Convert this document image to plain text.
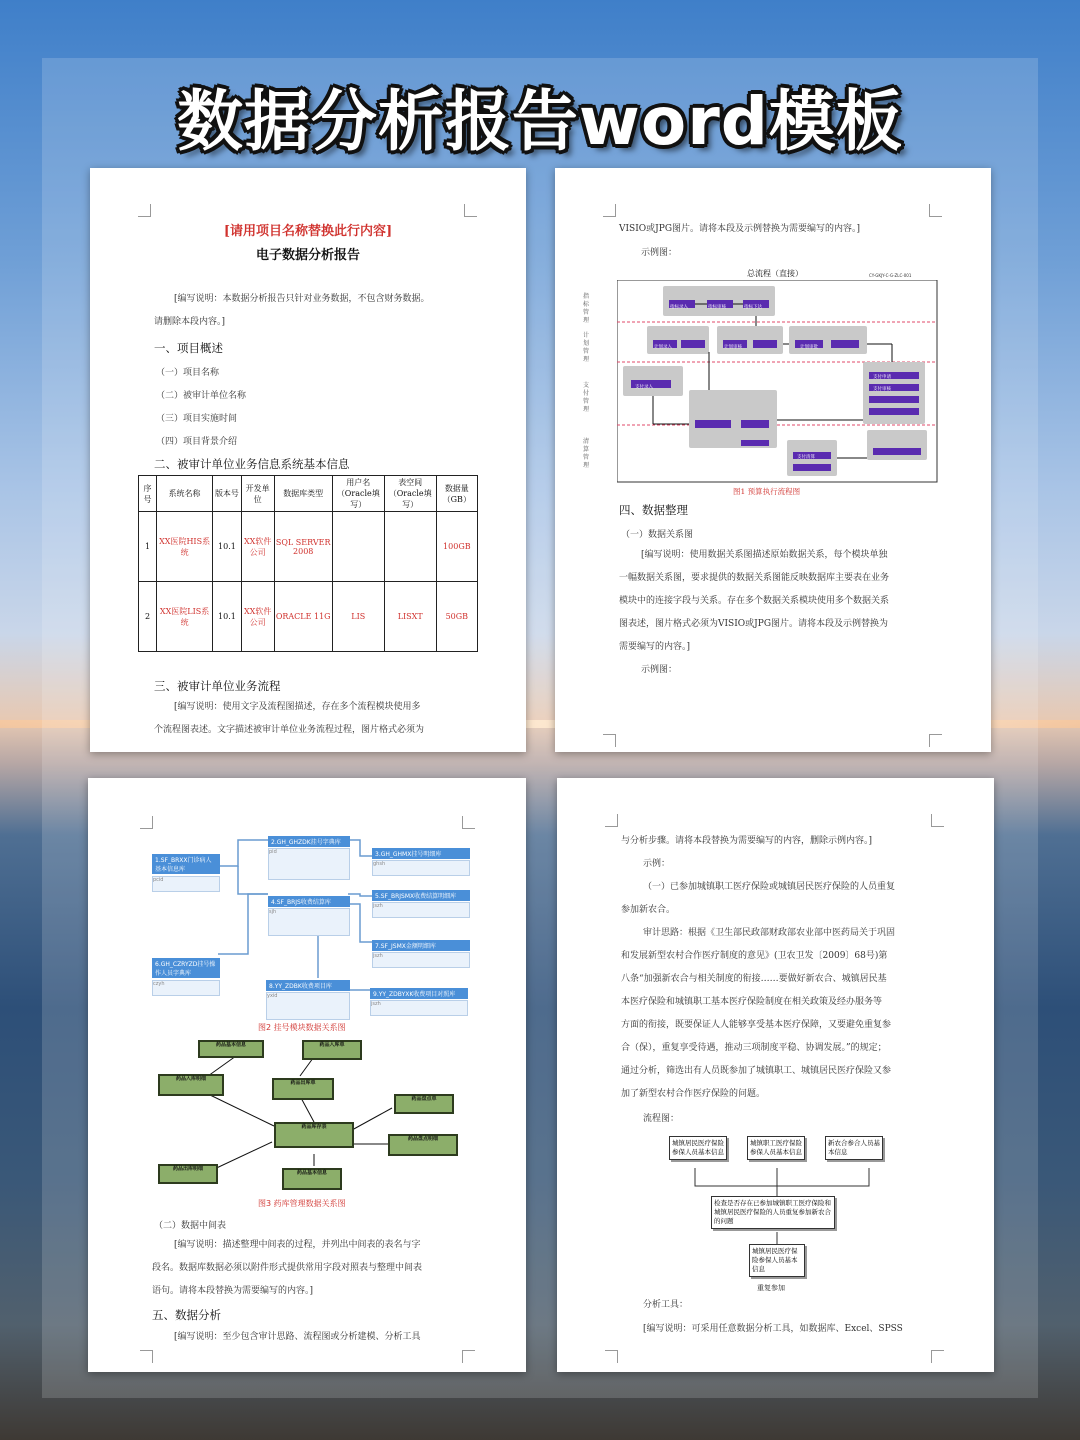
数据分析报告word模板
[请用项目名称替换此行内容]
电子数据分析报告
[编写说明：本数据分析报告只针对业务数据，不包含财务数据。
请删除本段内容。]
一、项目概述
（一）项目名称
（二）被审计单位名称
（三）项目实施时间
（四）项目背景介绍
二、被审计单位业务信息系统基本信息
序号	系统名称	版本号	开发单位	数据库类型	用户名（Oracle填写）	表空间（Oracle填写）	数据量（GB）
1	XX医院HIS系统	10.1	XX软件公司	SQL SERVER 2008			100GB
2	XX医院LIS系统	10.1	XX软件公司	ORACLE 11G	LIS	LISXT	50GB
三、被审计单位业务流程
[编写说明：使用文字及流程图描述，存在多个流程模块使用多
个流程图表述。文字描述被审计单位业务流程过程，图片格式必须为
VISIO或JPG图片。请将本段及示例替换为需要编写的内容。]
示例图：
总流程（直接）	CY-GKJY-C-G-ZLC-001
指标管理
计划管理
支付管理
清算管理
指标录入	指标审核	指标下达
计划录入	计划审核	计划审批
支付录入
支付申请
支付审核
支付清算
图1 预算执行流程图
四、数据整理
（一）数据关系图
[编写说明：使用数据关系图描述原始数据关系，每个模块单独
一幅数据关系图，要求提供的数据关系图能反映数据库主要表在业务
模块中的连接字段与关系。存在多个数据关系模块使用多个数据关系
图表述，图片格式必须为VISIO或JPG图片。请将本段及示例替换为
需要编写的内容。]
示例图：
2.GH_GHZDK挂号字典库
pid
1.SF_BRXX门诊病人基本信息库
pcid
3.GH_GHMX挂号明细库
ghsh
4.SF_BRJS收费结算库
sjh
5.SF_BRJSMX收费结算明细库
jszh
6.GH_CZRYZD挂号操作人员字典库
czyh
7.SF_JSMX金额明细库
jszh
8.YY_ZDBK收费项目库
yxid	9.YY_ZDBYXK收费项目对照库
jszh
图2 挂号模块数据关系图
药品基本信息	药品入库单
药品入库明细
药品出库单
药品库存表
药品盘点单
药品盘点明细
药品出库明细
药品基本信息
图3 药库管理数据关系图
（二）数据中间表
[编写说明：描述整理中间表的过程，并列出中间表的表名与字
段名。数据库数据必须以附件形式提供常用字段对照表与整理中间表
语句。请将本段替换为需要编写的内容。]
五、数据分析
[编写说明：至少包含审计思路、流程图或分析建模、分析工具
与分析步骤。请将本段替换为需要编写的内容，删除示例内容。]
示例：
（一）已参加城镇职工医疗保险或城镇居民医疗保险的人员重复
参加新农合。
审计思路：根据《卫生部民政部财政部农业部中医药局关于巩固
和发展新型农村合作医疗制度的意见》(卫农卫发〔2009〕68号)第
八条“加强新农合与相关制度的衔接……要做好新农合、城镇居民基
本医疗保险和城镇职工基本医疗保险制度在相关政策及经办服务等
方面的衔接，既要保证人人能够享受基本医疗保障，又要避免重复参
合（保），重复享受待遇，推动三项制度平稳、协调发展。”的规定；
通过分析，筛选出有人员既参加了城镇职工、城镇居民医疗保险又参
加了新型农村合作医疗保险的问题。
流程图：
城镇居民医疗保险参保人员基本信息
城镇职工医疗保险参保人员基本信息
新农合参合人员基本信息
检查是否存在已参加城镇职工医疗保险和城镇居民医疗保险的人员重复参加新农合的问题
城镇居民医疗保险参保人员基本信息
重复参加
分析工具：
[编写说明：可采用任意数据分析工具，如数据库、Excel、SPSS
